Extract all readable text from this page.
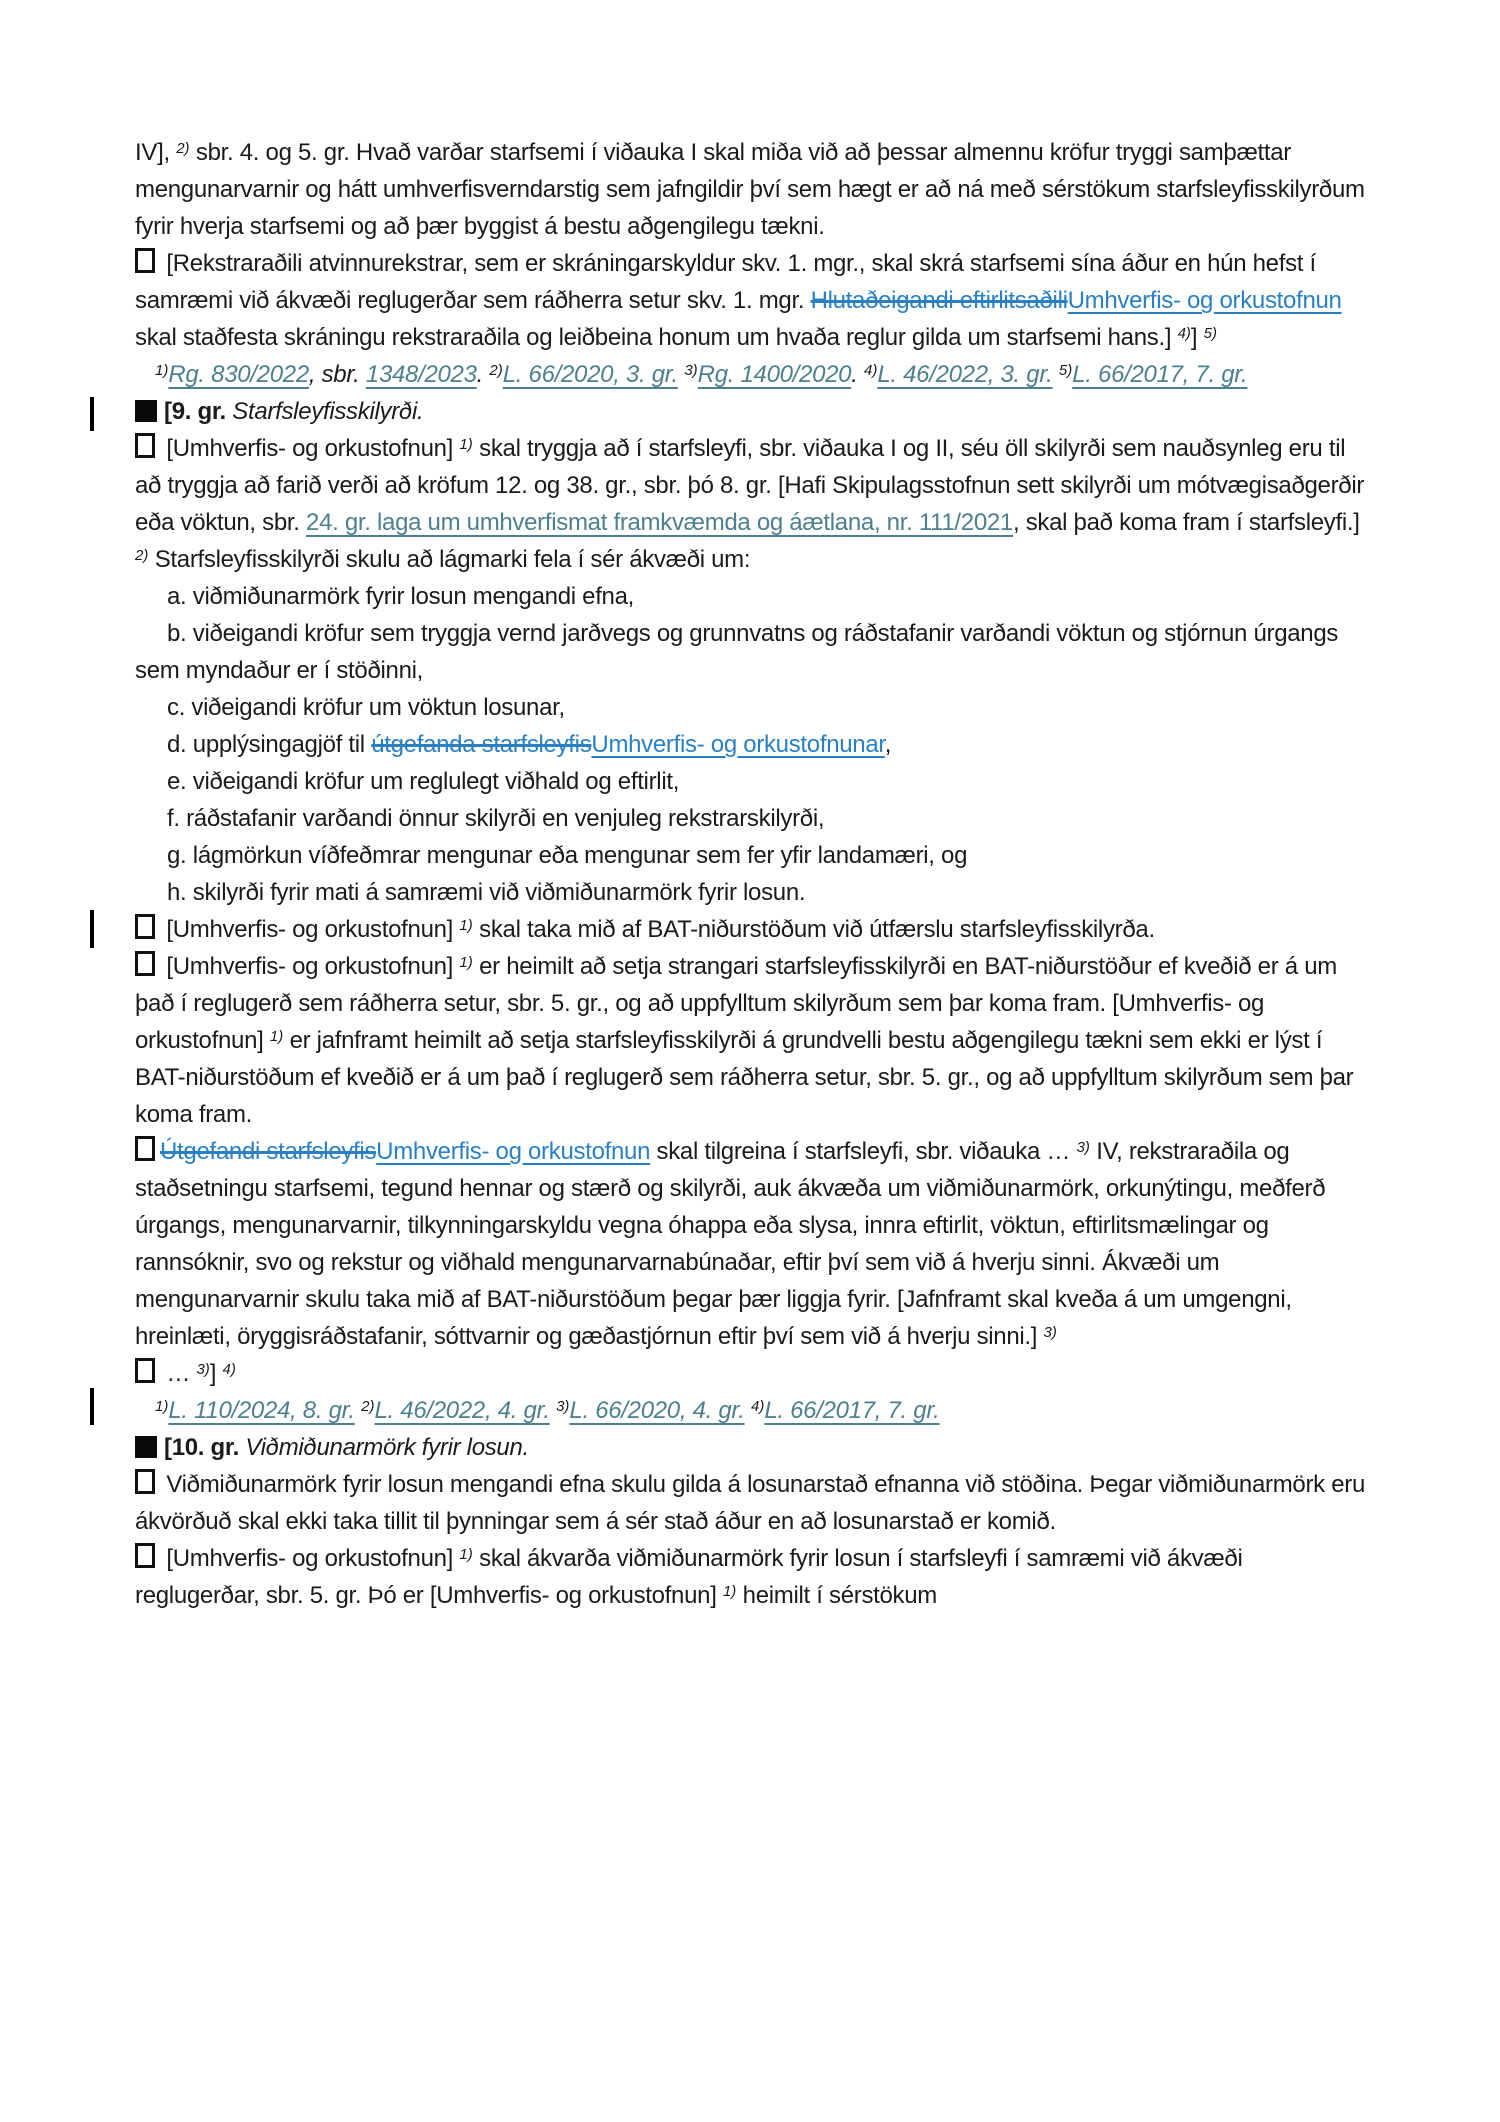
IV], $^{2)}$ sbr. 4. og 5. gr. Hvað varðar starfsemi í viðauka I skal miða við að þessar almennu kröfur tryggi samþættar mengunarvarnir og hátt umhverfisverndarstig sem jafngildir því sem hægt er að ná með sérstökum starfsleyfisskilyrðum fyrir hverja starfsemi og að þær byggist á bestu aðgengilegu tækni.

[Rekstraraðili atvinnurekstrar, sem er skráningarskyldur skv. 1. mgr., skal skrá starfsemi sína áður en hún hefst í samræmi við ákvæði reglugerðar sem ráðherra setur skv. 1. mgr. Hlutaðeigandi eftirlitsaðiliUmhverfis- og orkustofnun skal staðfesta skráningu rekstraraðila og leiðbeina honum um hvaða reglur gilda um starfsemi hans.] $^{4)}$] $^{5)}$

$^{1)}$Rg. 830/2022, sbr. 1348/2023. $^{2)}$L. 66/2020, 3. gr. $^{3)}$Rg. 1400/2020. $^{4)}$L. 46/2022, 3. gr. $^{5)}$L. 66/2017, 7. gr.

[9. gr. Starfsleyfisskilyrði.

[Umhverfis- og orkustofnun] $^{1)}$ skal tryggja að í starfsleyfi, sbr. viðauka I og II, séu öll skilyrði sem nauðsynleg eru til að tryggja að farið verði að kröfum 12. og 38. gr., sbr. þó 8. gr. [Hafi Skipulagsstofnun sett skilyrði um mótvægisaðgerðir eða vöktun, sbr. 24. gr. laga um umhverfismat framkvæmda og áætlana, nr. 111/2021, skal það koma fram í starfsleyfi.] $^{2)}$ Starfsleyfisskilyrði skulu að lágmarki fela í sér ákvæði um:

a. viðmiðunarmörk fyrir losun mengandi efna,

b. viðeigandi kröfur sem tryggja vernd jarðvegs og grunnvatns og ráðstafanir varðandi vöktun og stjórnun úrgangs sem myndaður er í stöðinni,

c. viðeigandi kröfur um vöktun losunar,

d. upplýsingagjöf til útgefanda starfsleyfisUmhverfis- og orkustofnunar,

e. viðeigandi kröfur um reglulegt viðhald og eftirlit,

f. ráðstafanir varðandi önnur skilyrði en venjuleg rekstrarskilyrði,

g. lágmörkun víðfeðmrar mengunar eða mengunar sem fer yfir landamæri, og

h. skilyrði fyrir mati á samræmi við viðmiðunarmörk fyrir losun.

[Umhverfis- og orkustofnun] $^{1)}$ skal taka mið af BAT-niðurstöðum við útfærslu starfsleyfisskilyrða.

[Umhverfis- og orkustofnun] $^{1)}$ er heimilt að setja strangari starfsleyfisskilyrði en BAT-niðurstöður ef kveðið er á um það í reglugerð sem ráðherra setur, sbr. 5. gr., og að uppfylltum skilyrðum sem þar koma fram. [Umhverfis- og orkustofnun] $^{1)}$ er jafnframt heimilt að setja starfsleyfisskilyrði á grundvelli bestu aðgengilegu tækni sem ekki er lýst í BAT-niðurstöðum ef kveðið er á um það í reglugerð sem ráðherra setur, sbr. 5. gr., og að uppfylltum skilyrðum sem þar koma fram.

Útgefandi starfsleyfisUmhverfis- og orkustofnun skal tilgreina í starfsleyfi, sbr. viðauka … $^{3)}$ IV, rekstraraðila og staðsetningu starfsemi, tegund hennar og stærð og skilyrði, auk ákvæða um viðmiðunarmörk, orkunýtingu, meðferð úrgangs, mengunarvarnir, tilkynningarskyldu vegna óhappa eða slysa, innra eftirlit, vöktun, eftirlitsmælingar og rannsóknir, svo og rekstur og viðhald mengunarvarnabúnaðar, eftir því sem við á hverju sinni. Ákvæði um mengunarvarnir skulu taka mið af BAT-niðurstöðum þegar þær liggja fyrir. [Jafnframt skal kveða á um umgengni, hreinlæti, öryggisráðstafanir, sóttvarnir og gæðastjórnun eftir því sem við á hverju sinni.] $^{3)}$

… $^{3)}$] $^{4)}$

$^{1)}$L. 110/2024, 8. gr. $^{2)}$L. 46/2022, 4. gr. $^{3)}$L. 66/2020, 4. gr. $^{4)}$L. 66/2017, 7. gr.

[10. gr. Viðmiðunarmörk fyrir losun.

Viðmiðunarmörk fyrir losun mengandi efna skulu gilda á losunarstað efnanna við stöðina. Þegar viðmiðunarmörk eru ákvörðuð skal ekki taka tillit til þynningar sem á sér stað áður en að losunarstað er komið.

[Umhverfis- og orkustofnun] $^{1)}$ skal ákvarða viðmiðunarmörk fyrir losun í starfsleyfi í samræmi við ákvæði reglugerðar, sbr. 5. gr. Þó er [Umhverfis- og orkustofnun] $^{1)}$ heimilt í sérstökum
